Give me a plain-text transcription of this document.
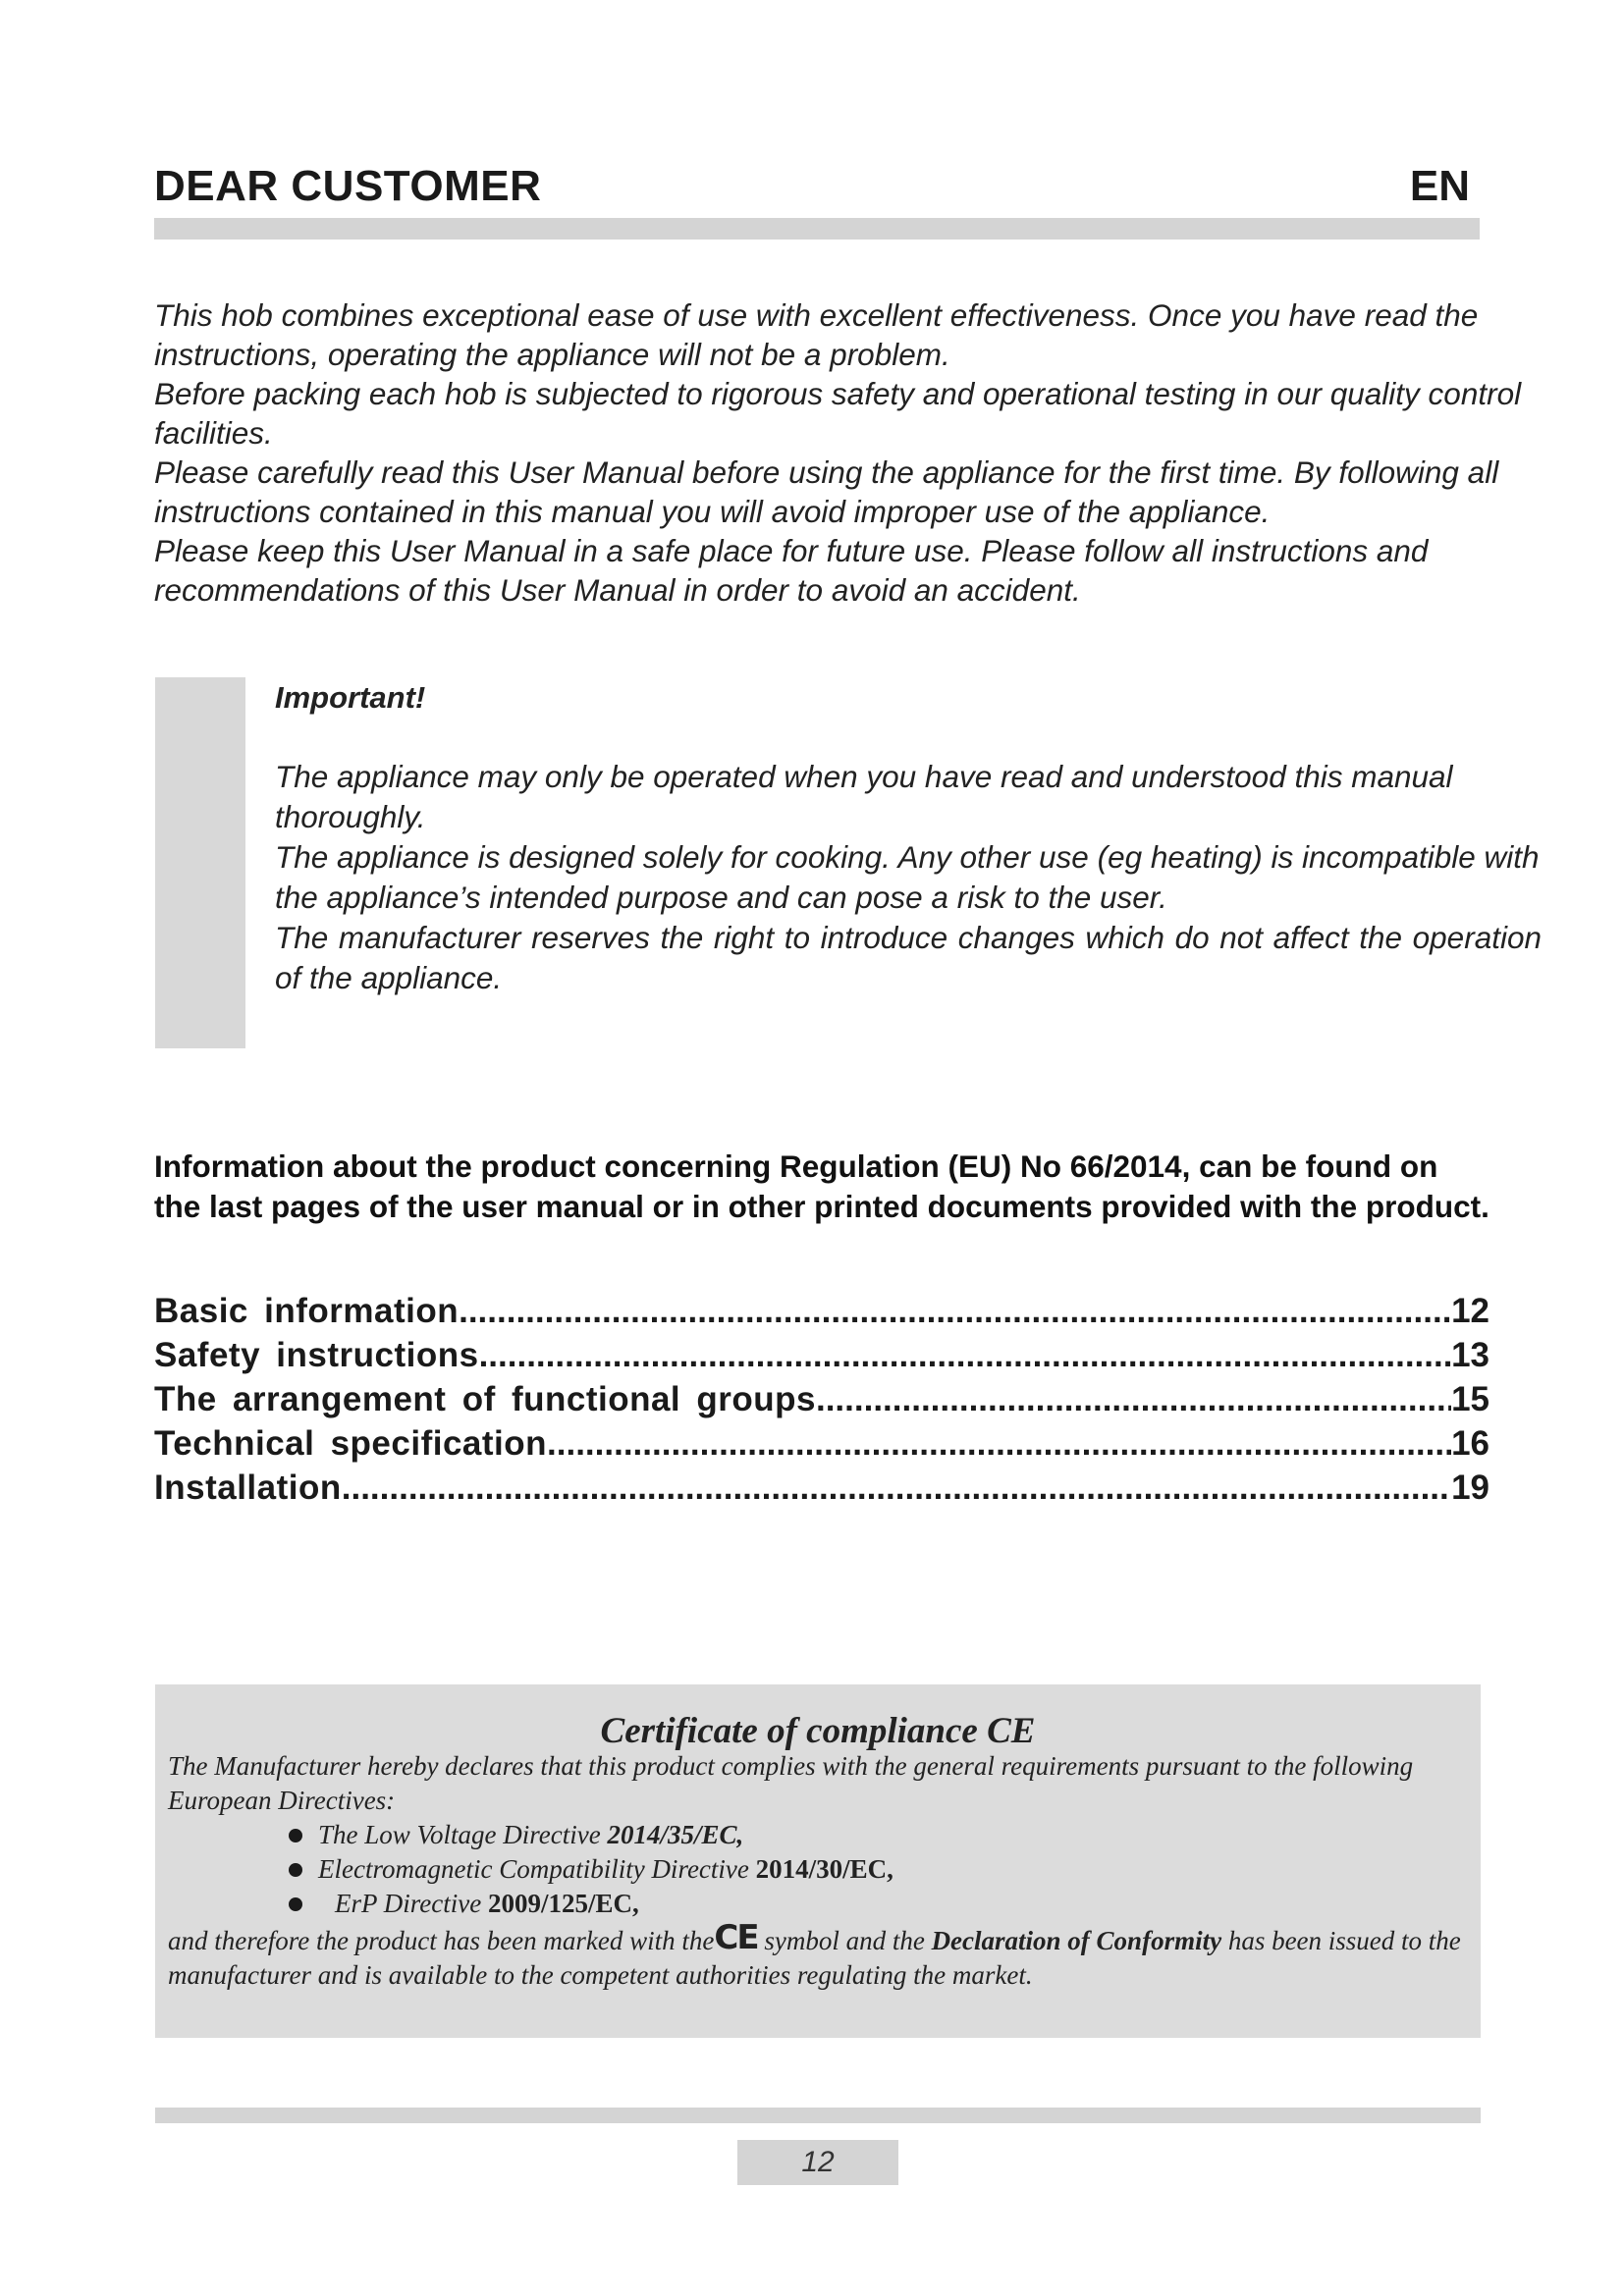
DEAR CUSTOMER	EN

This hob combines exceptional ease of use with excellent effectiveness. Once you have read the instructions, operating the appliance will not be a problem.

Before packing each hob is subjected to rigorous safety and operational testing in our quality control facilities.

Please carefully read this User Manual before using the appliance for the first time. By following all instructions contained in this manual you will avoid improper use of the appliance.

Please keep this User Manual in a safe place for future use. Please follow all instructions and recommendations of this User Manual in order to avoid an accident.

Important!

The appliance may only be operated when you have read and understood this manual thoroughly.

The appliance is designed solely for cooking. Any other use (eg heating) is incompatible with the appliance’s intended purpose and can pose a risk to the user.

The manufacturer reserves the right to introduce changes which do not affect the operation of the appliance.

Information about the product concerning Regulation (EU) No 66/2014, can be found on the last pages of the user manual or in other printed documents provided with the product.
Basic information .....	12
Safety instructions .....	13
The arrangement of functional groups .....	15
Technical specification .....	16
Installation .....	19
Certificate of compliance CE

The Manufacturer hereby declares that this product complies with the general requirements pursuant to the following European Directives:

The Low Voltage Directive 2014/35/EC,
Electromagnetic Compatibility Directive 2014/30/EC,
ErP Directive 2009/125/EC,

and therefore the product has been marked with theCE symbol and the Declaration of Conformity has been issued to the manufacturer and is available to the competent authorities regulating the market.

12
